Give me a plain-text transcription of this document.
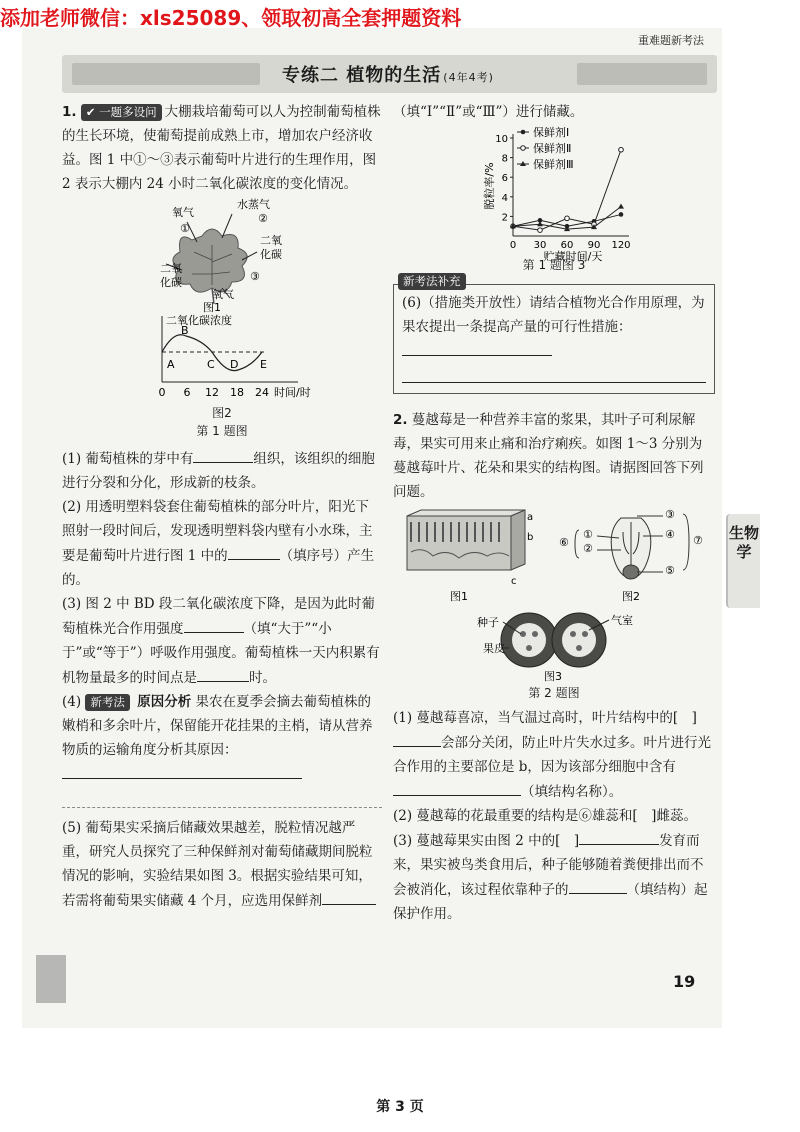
添加老师微信：xls25089、领取初高全套押题资料
重难题新考法
专练二 植物的生活 (4年4考)

1. ✔ 一题多设问 大棚栽培葡萄可以人为控制葡萄植株的生长环境，使葡萄提前成熟上市，增加农户经济收益。图 1 中①～③表示葡萄叶片进行的生理作用，图 2 表示大棚内 24 小时二氧化碳浓度的变化情况。

氧气
水蒸气
①
②
二氧
化碳
二氧
化碳	③
氧气
图1
二氧化碳浓度
A
B
C D E
0 6 12 18 24 时间/时
图2
第 1 题图

(1) 葡萄植株的芽中有	组织，该组织的细胞进行分裂和分化，形成新的枝条。

(2) 用透明塑料袋套住葡萄植株的部分叶片，阳光下照射一段时间后，发现透明塑料袋内壁有小水珠，主要是葡萄叶片进行图 1 中的	（填序号）产生的。

(3) 图 2 中 BD 段二氧化碳浓度下降，是因为此时葡萄植株光合作用强度	（填“大于”“小于”或“等于”）呼吸作用强度。葡萄植株一天内积累有机物量最多的时间点是	时。

(4) 新考法 原因分析 果农在夏季会摘去葡萄植株的嫩梢和多余叶片，保留能开花挂果的主梢，请从营养物质的运输角度分析其原因：

(5) 葡萄果实采摘后储藏效果越差，脱粒情况越严重，研究人员探究了三种保鲜剂对葡萄储藏期间脱粒情况的影响，实验结果如图 3。根据实验结果可知，若需将葡萄果实储藏 4 个月，应选用保鲜剂

（填“Ⅰ”“Ⅱ”或“Ⅲ”）进行储藏。

脱粒率/%
2
4
6
8
10
0 30 60 90 120
贮藏时间/天
保鲜剂Ⅰ
保鲜剂Ⅱ
保鲜剂Ⅲ
第 1 题图 3
新考法补充

(6)（措施类开放性）请结合植物光合作用原理，为果农提出一条提高产量的可行性措施：

2. 蔓越莓是一种营养丰富的浆果，其叶子可利尿解毒，果实可用来止痛和治疗痢疾。如图 1～3 分别为蔓越莓叶片、花朵和果实的结构图。请据图回答下列问题。

a
b
c
图1
⑥
①
②
③
④
⑤
⑦
图2
种子	气室
果皮
图3
第 2 题图

(1) 蔓越莓喜凉，当气温过高时，叶片结构中的[　]会部分关闭，防止叶片失水过多。叶片进行光合作用的主要部位是 b，因为该部分细胞中含有（填结构名称）。

(2) 蔓越莓的花最重要的结构是⑥雄蕊和[　]雌蕊。

(3) 蔓越莓果实由图 2 中的[　]	发育而来，果实被鸟类食用后，种子能够随着粪便排出而不会被消化，该过程依靠种子的	（填结构）起保护作用。

生物学
19
第 3 页
